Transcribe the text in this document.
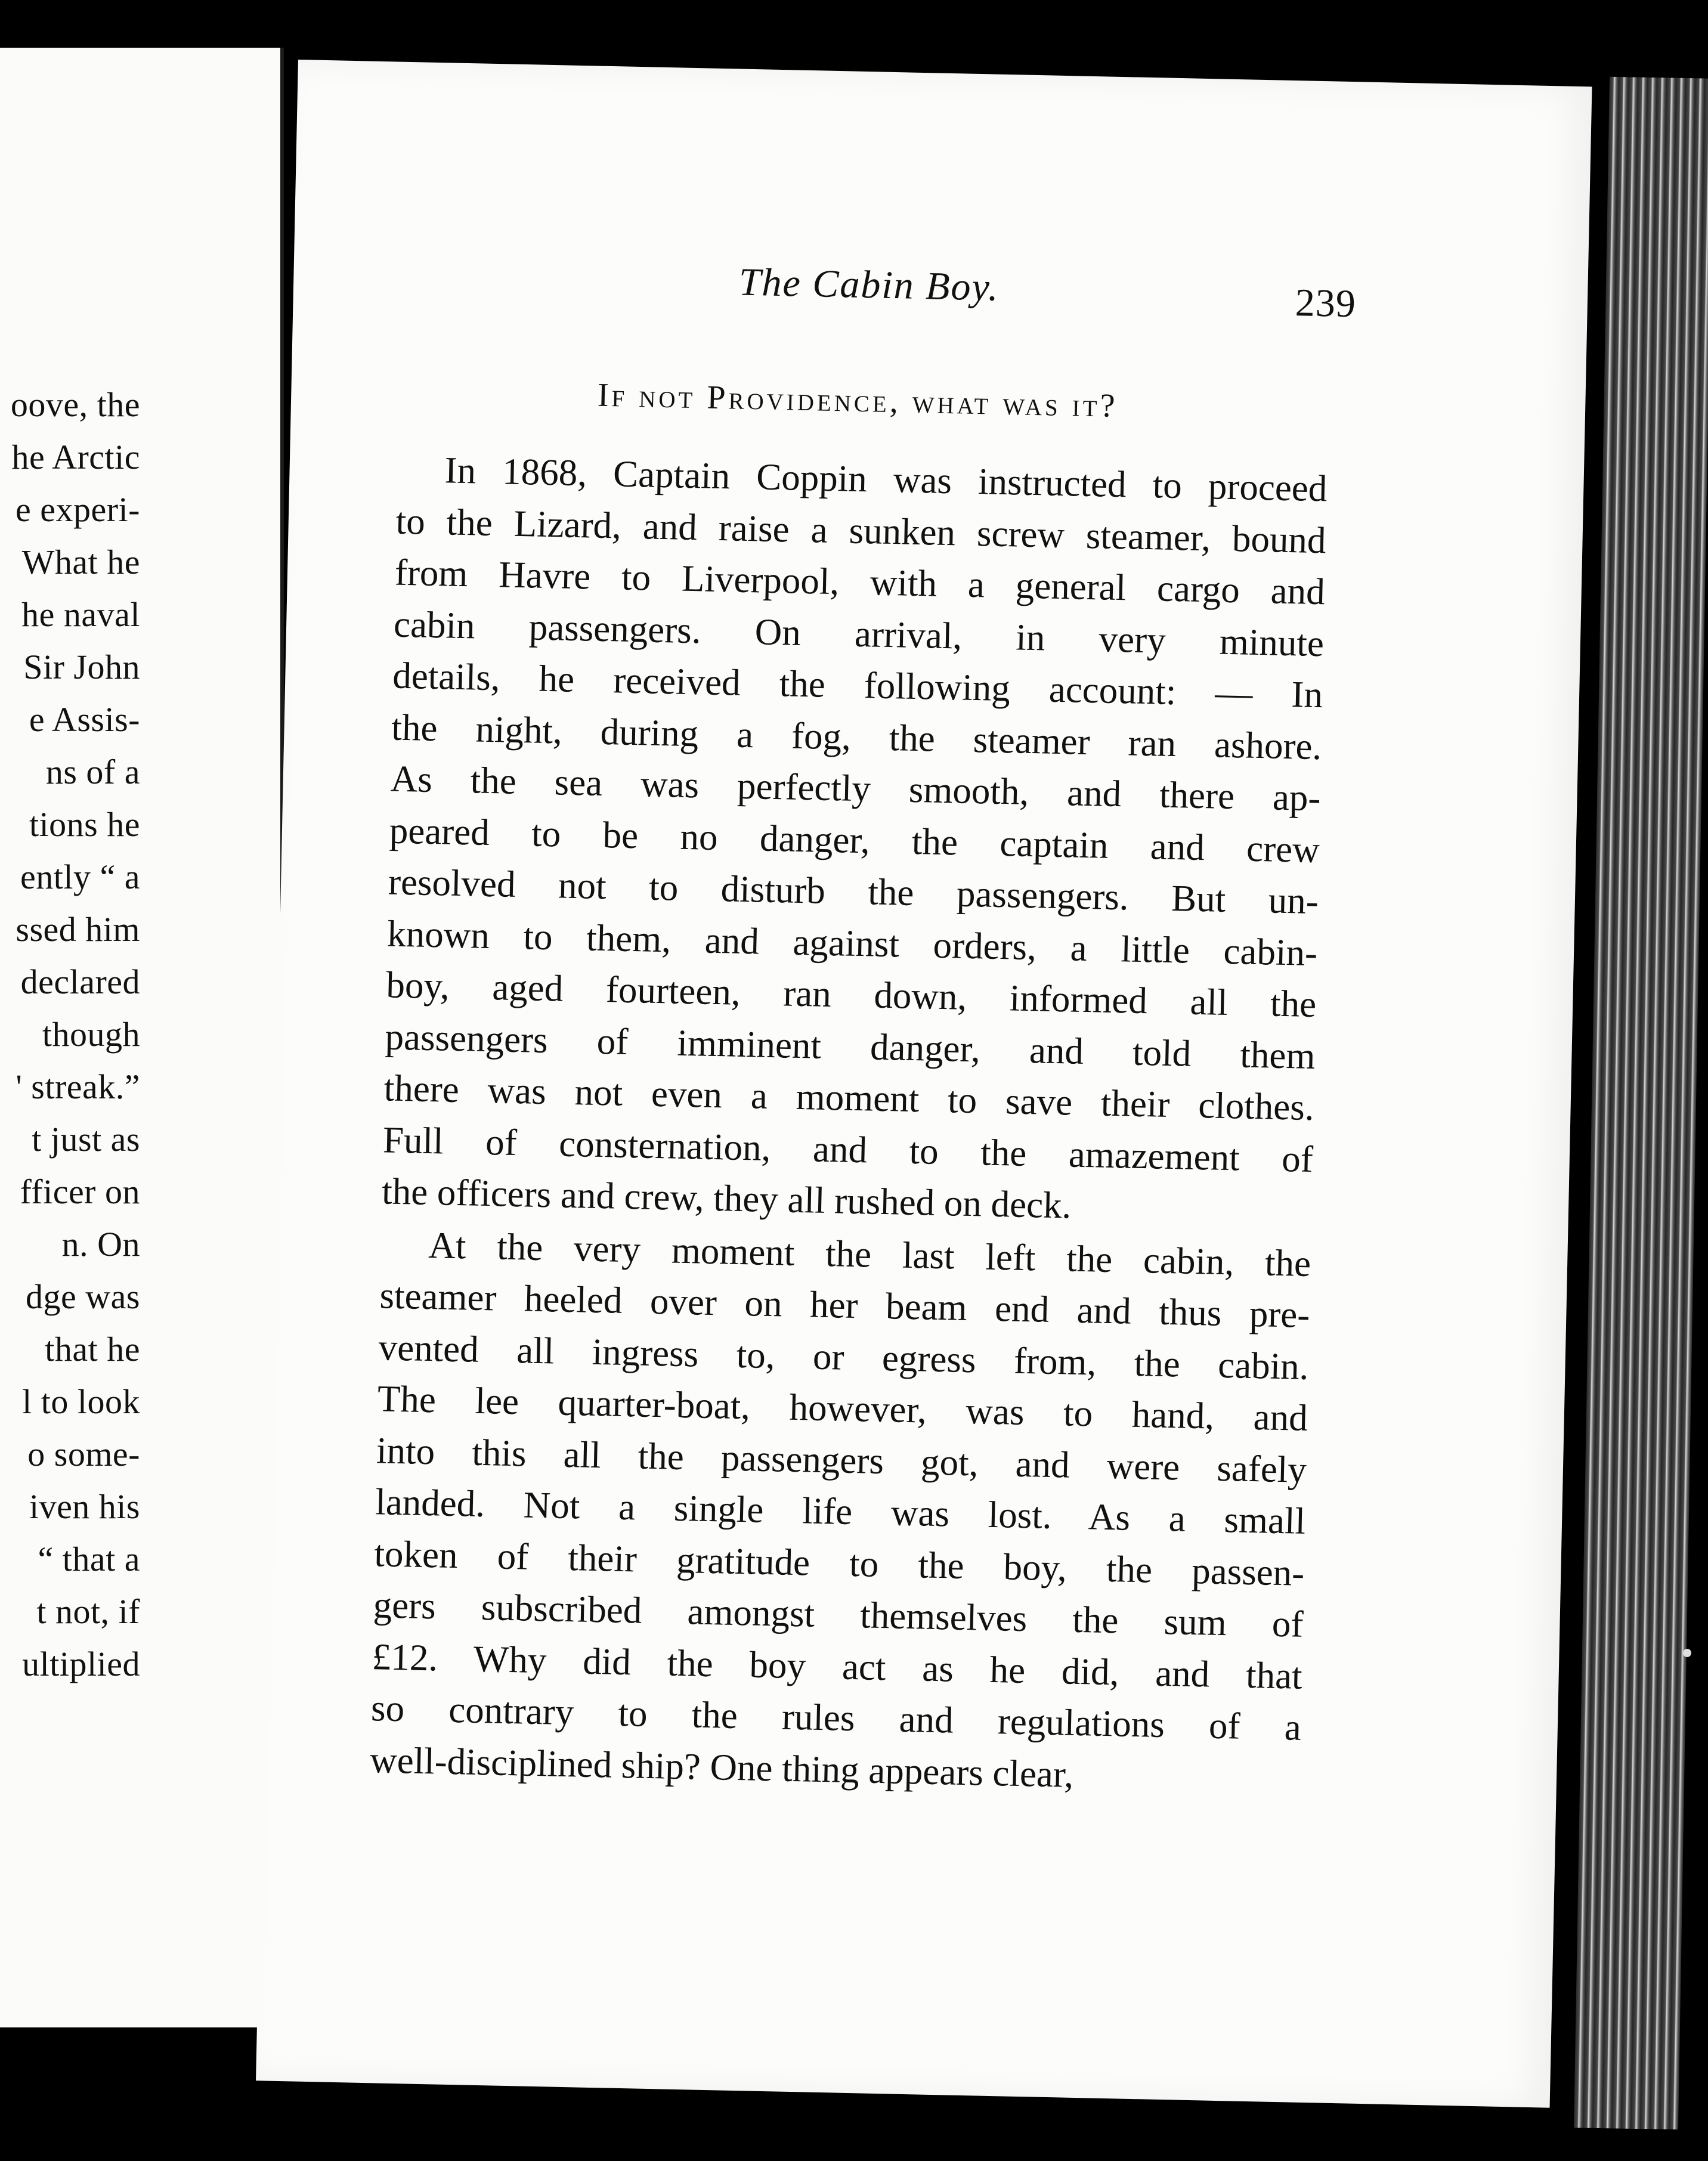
oove, the
he Arctic
e experi-
What he
he naval
Sir John
e Assis-
ns of a
tions he
ently “ a
ssed him
declared
though
' streak.”
t just as
fficer on
n. On
dge was
that he
l to look
o some-
iven his
“ that a
t not, if
ultiplied
The Cabin Boy.	239
If not Providence, what was it?
In 1868, Captain Coppin was instructed to proceed
to the Lizard, and raise a sunken screw steamer, bound
from Havre to Liverpool, with a general cargo and
cabin passengers. On arrival, in very minute
details, he received the following account: — In
the night, during a fog, the steamer ran ashore.
As the sea was perfectly smooth, and there ap-
peared to be no danger, the captain and crew
resolved not to disturb the passengers. But un-
known to them, and against orders, a little cabin-
boy, aged fourteen, ran down, informed all the
passengers of imminent danger, and told them
there was not even a moment to save their clothes.
Full of consternation, and to the amazement of
the officers and crew, they all rushed on deck.
At the very moment the last left the cabin, the
steamer heeled over on her beam end and thus pre-
vented all ingress to, or egress from, the cabin.
The lee quarter-boat, however, was to hand, and
into this all the passengers got, and were safely
landed. Not a single life was lost. As a small
token of their gratitude to the boy, the passen-
gers subscribed amongst themselves the sum of
£12. Why did the boy act as he did, and that
so contrary to the rules and regulations of a
well-disciplined ship? One thing appears clear,
